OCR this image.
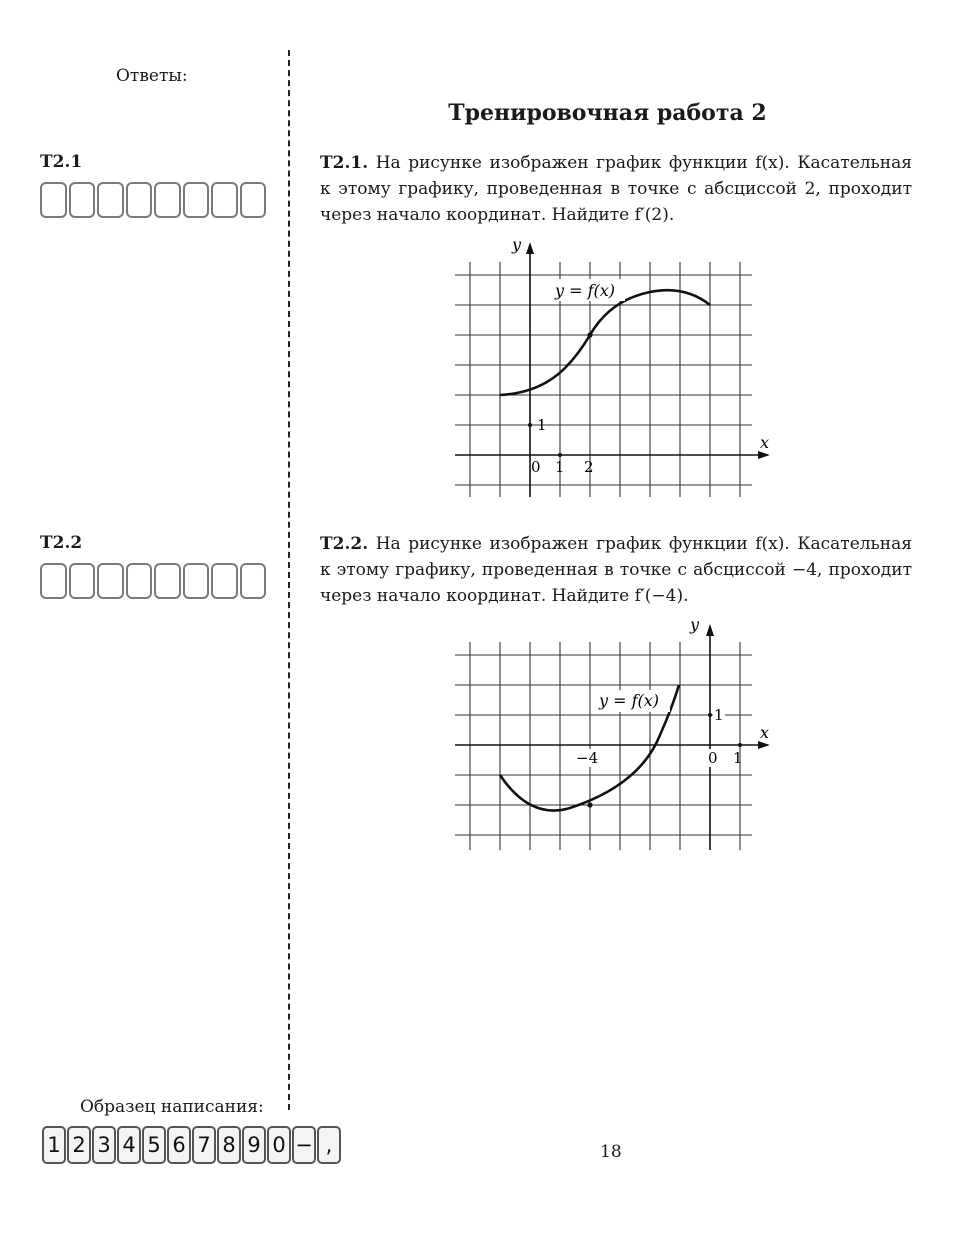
Ответы:
Т2.1
Т2.2
Тренировочная работа 2
Т2.1. На рисунке изображен график функции f(x). Касательная к этому графику, проведенная в точке с абсциссой 2, проходит через начало координат. Найдите f′(2).
y = f(x)
x
y
0 1 2
1
Т2.2. На рисунке изображен график функции f(x). Касательная к этому графику, проведенная в точке с абсциссой −4, проходит через начало координат. Найдите f′(−4).
y = f(x)
x
y
−4	0 1
1
Образец написания:
1 2 3 4 5 6 7 8 9 0 − ,	18
